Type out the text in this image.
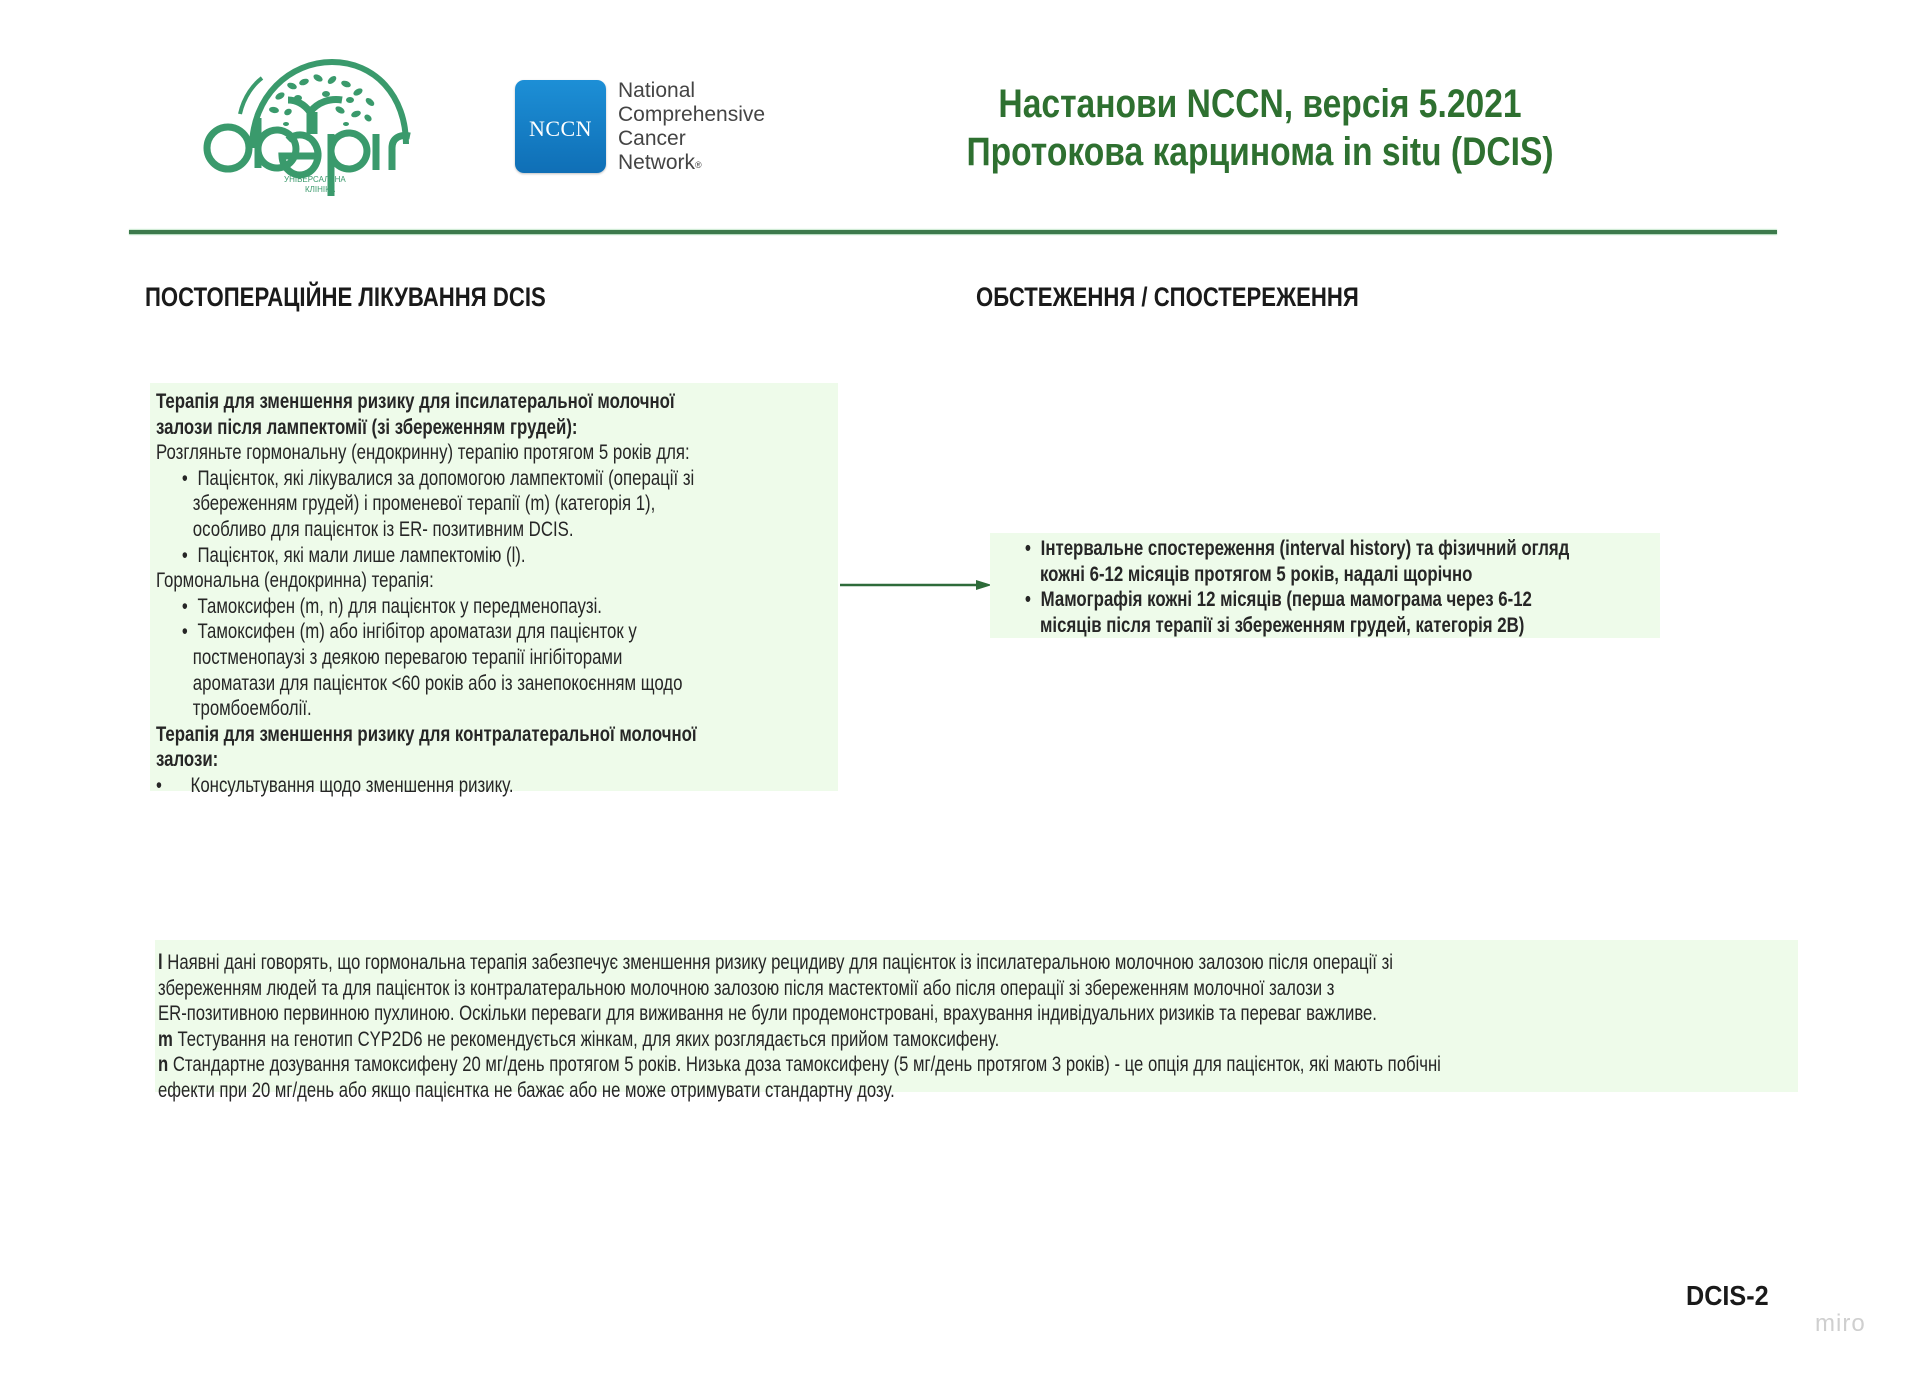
УНІВЕРСАЛЬНА
КЛІНІКА
NCCN
National
Comprehensive
Cancer
Network®
Настанови NCCN, версія 5.2021
Протокова карцинома in situ (DCIS)
ПОСТОПЕРАЦІЙНЕ ЛІКУВАННЯ DCIS	ОБСТЕЖЕННЯ / СПОСТЕРЕЖЕННЯ
Терапія для зменшення ризику для іпсилатеральної молочної
залози після лампектомії (зі збереженням грудей):
Розгляньте гормональну (ендокринну) терапію протягом 5 років для:
• Пацієнток, які лікувалися за допомогою лампектомії (операції зі
збереженням грудей) і променевої терапії (m) (категорія 1),
особливо для пацієнток із ER- позитивним DCIS.
• Пацієнток, які мали лише лампектомію (l).
Гормональна (ендокринна) терапія:
• Тамоксифен (m, n) для пацієнток у передменопаузі.
• Тамоксифен (m) або інгібітор ароматази для пацієнток у
постменопаузі з деякою перевагою терапії інгібіторами
ароматази для пацієнток <60 років або із занепокоєнням щодо
тромбоемболії.
Терапія для зменшення ризику для контралатеральної молочної
залози:
• Консультування щодо зменшення ризику.
• Інтервальне спостереження (interval history) та фізичний огляд
кожні 6-12 місяців протягом 5 років, надалі щорічно
• Мамографія кожні 12 місяців (перша мамограма через 6-12
місяців після терапії зі збереженням грудей, категорія 2B)
l Наявні дані говорять, що гормональна терапія забезпечує зменшення ризику рецидиву для пацієнток із іпсилатеральною молочною залозою після операції зі
збереженням людей та для пацієнток із контралатеральною молочною залозою після мастектомії або після операції зі збереженням молочної залози з
ER-позитивною первинною пухлиною. Оскільки переваги для виживання не були продемонстровані, врахування індивідуальних ризиків та переваг важливе.
m Тестування на генотип CYP2D6 не рекомендується жінкам, для яких розглядається прийом тамоксифену.
n Стандартне дозування тамоксифену 20 мг/день протягом 5 років. Низька доза тамоксифену (5 мг/день протягом 3 років) - це опція для пацієнток, які мають побічні
ефекти при 20 мг/день або якщо пацієнтка не бажає або не може отримувати стандартну дозу.
DCIS-2
miro
